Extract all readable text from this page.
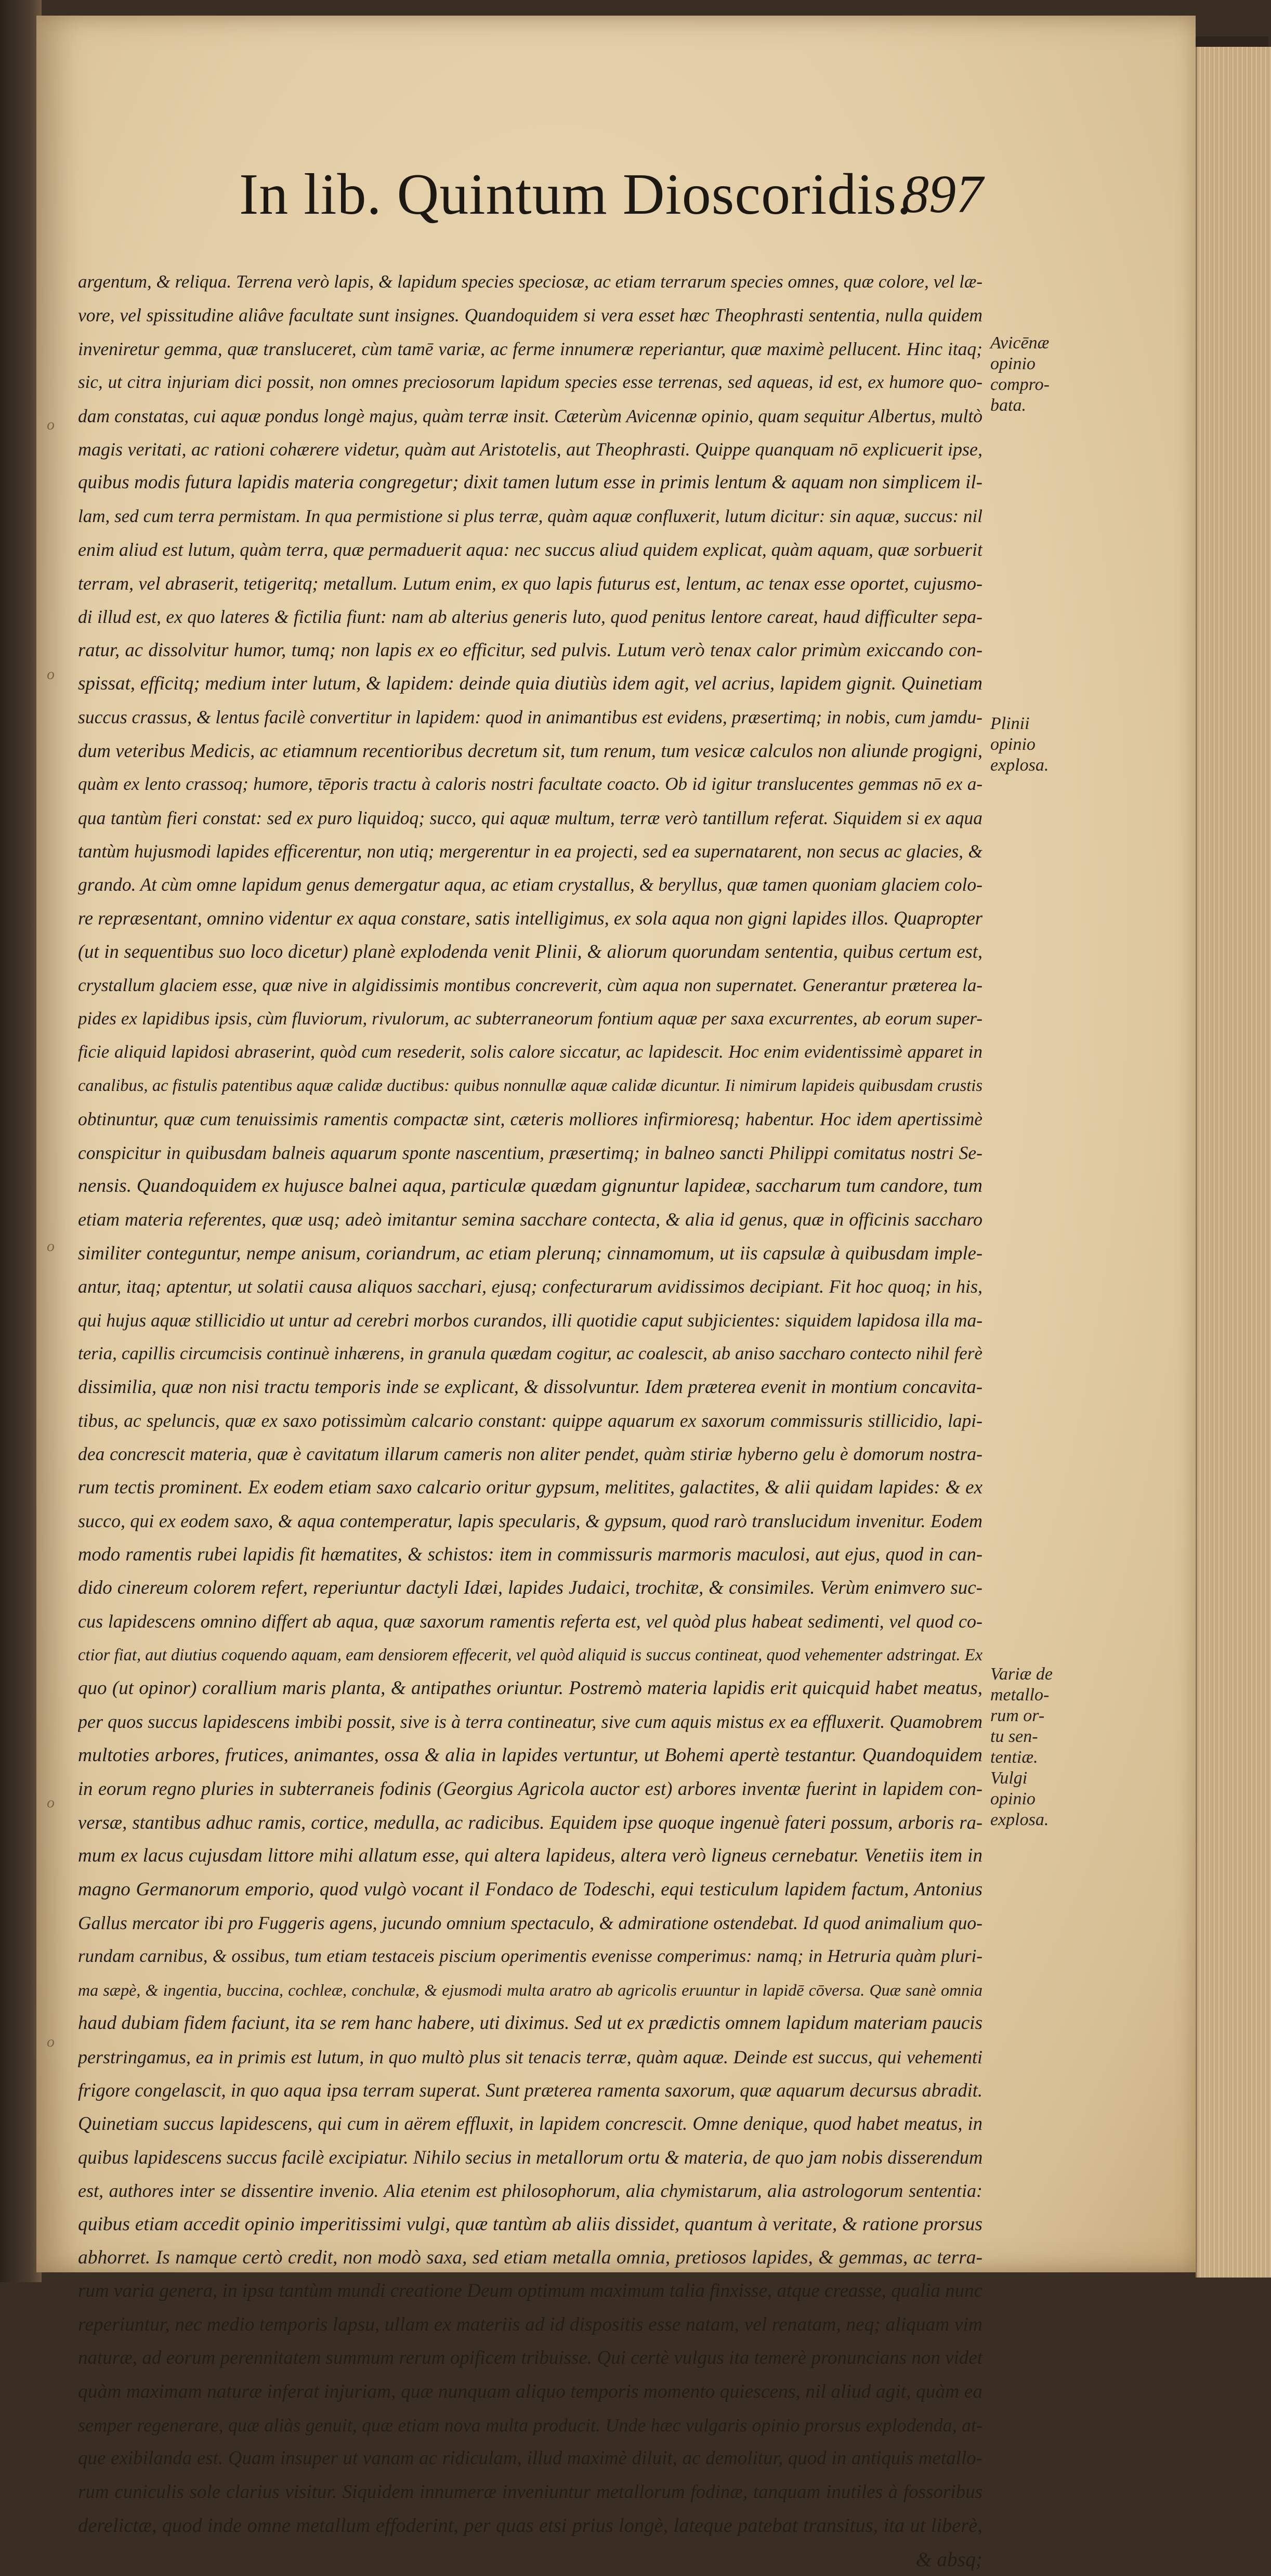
o
o
o
o
o
In lib. Quintum Dioscoridis.
897
argentum, & reliqua. Terrena verò lapis, & lapidum species speciosæ, ac etiam terrarum species omnes, quæ colore, vel læ-
vore, vel spissitudine aliâve facultate sunt insignes. Quandoquidem si vera esset hæc Theophrasti sententia, nulla quidem
inveniretur gemma, quæ transluceret, cùm tamē variæ, ac ferme innumeræ reperiantur, quæ maximè pellucent. Hinc itaq;
sic, ut citra injuriam dici possit, non omnes preciosorum lapidum species esse terrenas, sed aqueas, id est, ex humore quo-
dam constatas, cui aquæ pondus longè majus, quàm terræ insit. Cæterùm Avicennæ opinio, quam sequitur Albertus, multò
magis veritati, ac rationi cohærere videtur, quàm aut Aristotelis, aut Theophrasti. Quippe quanquam nō explicuerit ipse,
quibus modis futura lapidis materia congregetur; dixit tamen lutum esse in primis lentum & aquam non simplicem il-
lam, sed cum terra permistam. In qua permistione si plus terræ, quàm aquæ confluxerit, lutum dicitur: sin aquæ, succus: nil
enim aliud est lutum, quàm terra, quæ permaduerit aqua: nec succus aliud quidem explicat, quàm aquam, quæ sorbuerit
terram, vel abraserit, tetigeritq; metallum. Lutum enim, ex quo lapis futurus est, lentum, ac tenax esse oportet, cujusmo-
di illud est, ex quo lateres & fictilia fiunt: nam ab alterius generis luto, quod penitus lentore careat, haud difficulter sepa-
ratur, ac dissolvitur humor, tumq; non lapis ex eo efficitur, sed pulvis. Lutum verò tenax calor primùm exiccando con-
spissat, efficitq; medium inter lutum, & lapidem: deinde quia diutiùs idem agit, vel acrius, lapidem gignit. Quinetiam
succus crassus, & lentus facilè convertitur in lapidem: quod in animantibus est evidens, præsertimq; in nobis, cum jamdu-
dum veteribus Medicis, ac etiamnum recentioribus decretum sit, tum renum, tum vesicæ calculos non aliunde progigni,
quàm ex lento crassoq; humore, tēporis tractu à caloris nostri facultate coacto. Ob id igitur translucentes gemmas nō ex a-
qua tantùm fieri constat: sed ex puro liquidoq; succo, qui aquæ multum, terræ verò tantillum referat. Siquidem si ex aqua
tantùm hujusmodi lapides efficerentur, non utiq; mergerentur in ea projecti, sed ea supernatarent, non secus ac glacies, &
grando. At cùm omne lapidum genus demergatur aqua, ac etiam crystallus, & beryllus, quæ tamen quoniam glaciem colo-
re repræsentant, omnino videntur ex aqua constare, satis intelligimus, ex sola aqua non gigni lapides illos. Quapropter
(ut in sequentibus suo loco dicetur) planè explodenda venit Plinii, & aliorum quorundam sententia, quibus certum est,
crystallum glaciem esse, quæ nive in algidissimis montibus concreverit, cùm aqua non supernatet. Generantur præterea la-
pides ex lapidibus ipsis, cùm fluviorum, rivulorum, ac subterraneorum fontium aquæ per saxa excurrentes, ab eorum super-
ficie aliquid lapidosi abraserint, quòd cum resederit, solis calore siccatur, ac lapidescit. Hoc enim evidentissimè apparet in
canalibus, ac fistulis patentibus aquæ calidæ ductibus: quibus nonnullæ aquæ calidæ dicuntur. Ii nimirum lapideis quibusdam crustis
obtinuntur, quæ cum tenuissimis ramentis compactæ sint, cæteris molliores infirmioresq; habentur. Hoc idem apertissimè
conspicitur in quibusdam balneis aquarum sponte nascentium, præsertimq; in balneo sancti Philippi comitatus nostri Se-
nensis. Quandoquidem ex hujusce balnei aqua, particulæ quædam gignuntur lapideæ, saccharum tum candore, tum
etiam materia referentes, quæ usq; adeò imitantur semina sacchare contecta, & alia id genus, quæ in officinis saccharo
similiter conteguntur, nempe anisum, coriandrum, ac etiam plerunq; cinnamomum, ut iis capsulæ à quibusdam imple-
antur, itaq; aptentur, ut solatii causa aliquos sacchari, ejusq; confecturarum avidissimos decipiant. Fit hoc quoq; in his,
qui hujus aquæ stillicidio ut untur ad cerebri morbos curandos, illi quotidie caput subjicientes: siquidem lapidosa illa ma-
teria, capillis circumcisis continuè inhærens, in granula quædam cogitur, ac coalescit, ab aniso saccharo contecto nihil ferè
dissimilia, quæ non nisi tractu temporis inde se explicant, & dissolvuntur. Idem præterea evenit in montium concavita-
tibus, ac speluncis, quæ ex saxo potissimùm calcario constant: quippe aquarum ex saxorum commissuris stillicidio, lapi-
dea concrescit materia, quæ è cavitatum illarum cameris non aliter pendet, quàm stiriæ hyberno gelu è domorum nostra-
rum tectis prominent. Ex eodem etiam saxo calcario oritur gypsum, melitites, galactites, & alii quidam lapides: & ex
succo, qui ex eodem saxo, & aqua contemperatur, lapis specularis, & gypsum, quod rarò translucidum invenitur. Eodem
modo ramentis rubei lapidis fit hæmatites, & schistos: item in commissuris marmoris maculosi, aut ejus, quod in can-
dido cinereum colorem refert, reperiuntur dactyli Idæi, lapides Judaici, trochitæ, & consimiles. Verùm enimvero suc-
cus lapidescens omnino differt ab aqua, quæ saxorum ramentis referta est, vel quòd plus habeat sedimenti, vel quod co-
ctior fiat, aut diutius coquendo aquam, eam densiorem effecerit, vel quòd aliquid is succus contineat, quod vehementer adstringat. Ex
quo (ut opinor) corallium maris planta, & antipathes oriuntur. Postremò materia lapidis erit quicquid habet meatus,
per quos succus lapidescens imbibi possit, sive is à terra contineatur, sive cum aquis mistus ex ea effluxerit. Quamobrem
multoties arbores, frutices, animantes, ossa & alia in lapides vertuntur, ut Bohemi apertè testantur. Quandoquidem
in eorum regno pluries in subterraneis fodinis (Georgius Agricola auctor est) arbores inventæ fuerint in lapidem con-
versæ, stantibus adhuc ramis, cortice, medulla, ac radicibus. Equidem ipse quoque ingenuè fateri possum, arboris ra-
mum ex lacus cujusdam littore mihi allatum esse, qui altera lapideus, altera verò ligneus cernebatur. Venetiis item in
magno Germanorum emporio, quod vulgò vocant il Fondaco de Todeschi, equi testiculum lapidem factum, Antonius
Gallus mercator ibi pro Fuggeris agens, jucundo omnium spectaculo, & admiratione ostendebat. Id quod animalium quo-
rundam carnibus, & ossibus, tum etiam testaceis piscium operimentis evenisse comperimus: namq; in Hetruria quàm pluri-
ma sæpè, & ingentia, buccina, cochleæ, conchulæ, & ejusmodi multa aratro ab agricolis eruuntur in lapidē cōversa. Quæ sanè omnia
haud dubiam fidem faciunt, ita se rem hanc habere, uti diximus. Sed ut ex prædictis omnem lapidum materiam paucis
perstringamus, ea in primis est lutum, in quo multò plus sit tenacis terræ, quàm aquæ. Deinde est succus, qui vehementi
frigore congelascit, in quo aqua ipsa terram superat. Sunt præterea ramenta saxorum, quæ aquarum decursus abradit.
Quinetiam succus lapidescens, qui cum in aërem effluxit, in lapidem concrescit. Omne denique, quod habet meatus, in
quibus lapidescens succus facilè excipiatur. Nihilo secius in metallorum ortu & materia, de quo jam nobis disserendum
est, authores inter se dissentire invenio. Alia etenim est philosophorum, alia chymistarum, alia astrologorum sententia:
quibus etiam accedit opinio imperitissimi vulgi, quæ tantùm ab aliis dissidet, quantum à veritate, & ratione prorsus
abhorret. Is namque certò credit, non modò saxa, sed etiam metalla omnia, pretiosos lapides, & gemmas, ac terra-
rum varia genera, in ipsa tantùm mundi creatione Deum optimum maximum talia finxisse, atque creasse, qualia nunc
reperiuntur, nec medio temporis lapsu, ullam ex materiis ad id dispositis esse natam, vel renatam, neq; aliquam vim
naturæ, ad eorum perennitatem summum rerum opificem tribuisse. Qui certè vulgus ita temerè pronuncians non videt
quàm maximam naturæ inferat injuriam, quæ nunquam aliquo temporis momento quiescens, nil aliud agit, quàm ea
semper regenerare, quæ aliàs genuit, quæ etiam nova multa producit. Unde hæc vulgaris opinio prorsus explodenda, at-
que exibilanda est. Quam insuper ut vanam ac ridiculam, illud maximè diluit, ac demolitur, quod in antiquis metallo-
rum cuniculis sole clarius visitur. Siquidem innumeræ inveniuntur metallorum fodinæ, tanquam inutiles à fossoribus
derelictæ, quod inde omne metallum effoderint, per quas etsi prius longè, lateque patebat transitus, ita ut liberè,
& absq;
Avicēnæ
opinio
compro-
bata.
Plinii
opinio
explosa.
Variæ de
metallo-
rum or-
tu sen-
tentiæ.
Vulgi
opinio
explosa.
